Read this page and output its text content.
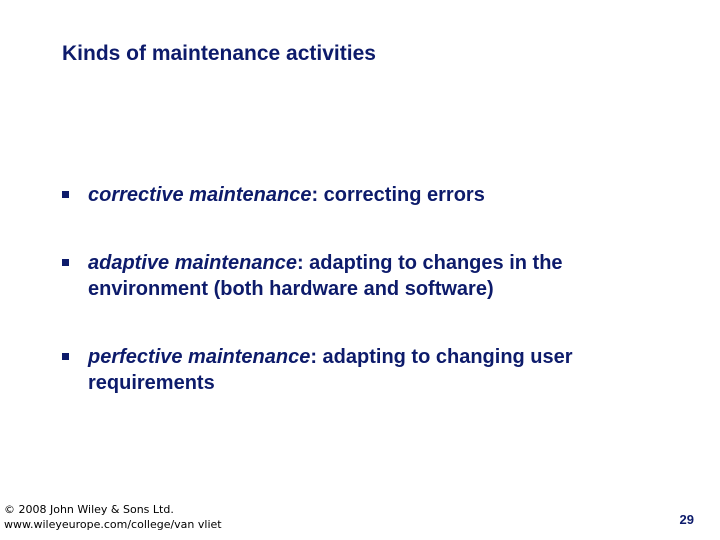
Kinds of maintenance activities
corrective maintenance: correcting errors
adaptive maintenance: adapting to changes in the environment (both hardware and software)
perfective maintenance: adapting to changing user requirements
© 2008 John Wiley & Sons Ltd.
www.wileyeurope.com/college/van vliet	29
